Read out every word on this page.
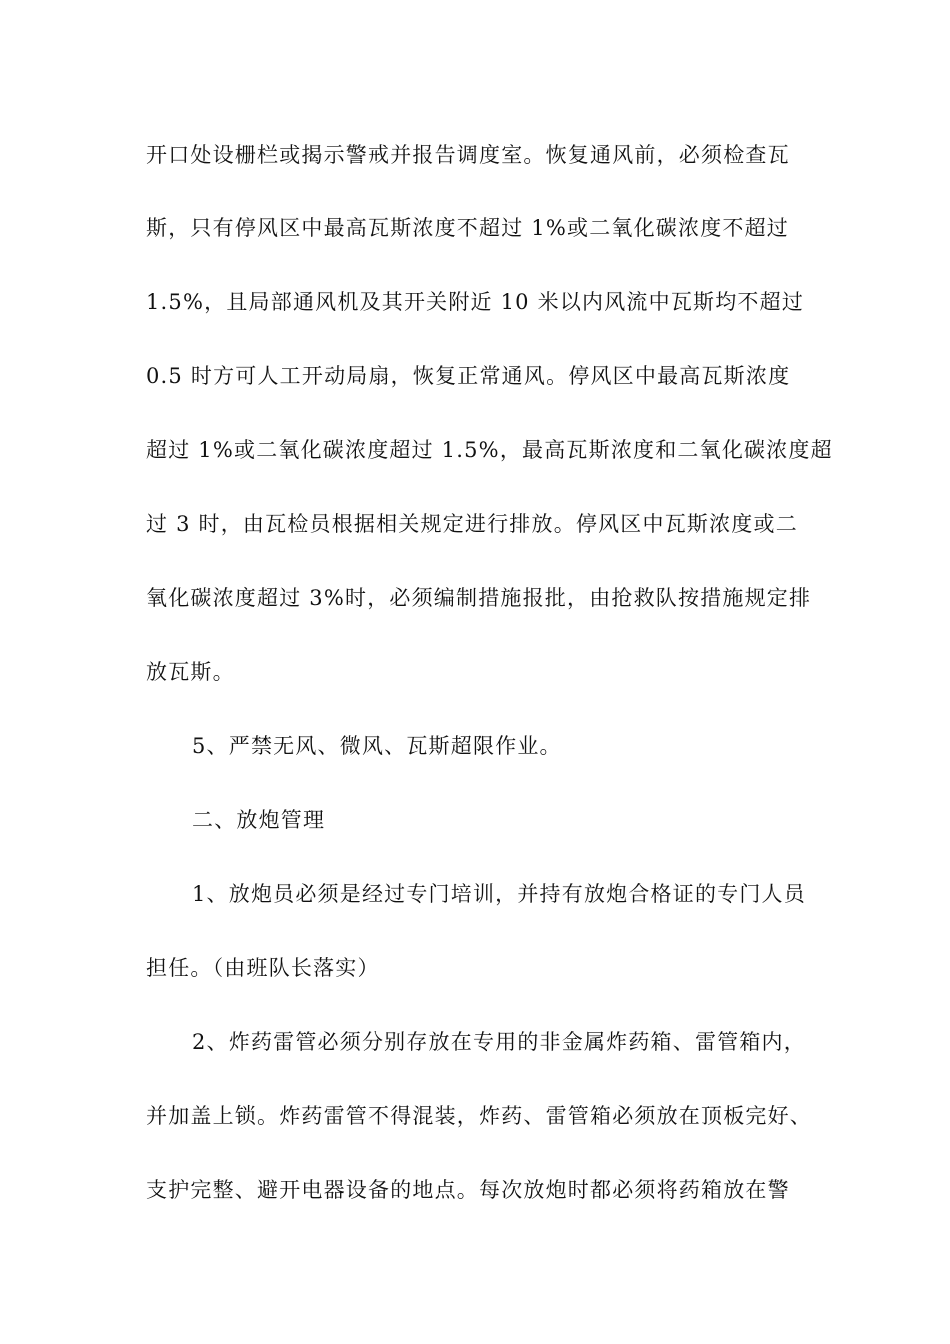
开口处设栅栏或揭示警戒并报告调度室。恢复通风前，必须检查瓦
斯，只有停风区中最高瓦斯浓度不超过 1%或二氧化碳浓度不超过
1.5%，且局部通风机及其开关附近 10 米以内风流中瓦斯均不超过
0.5 时方可人工开动局扇，恢复正常通风。停风区中最高瓦斯浓度
超过 1%或二氧化碳浓度超过 1.5%，最高瓦斯浓度和二氧化碳浓度超
过 3 时，由瓦检员根据相关规定进行排放。停风区中瓦斯浓度或二
氧化碳浓度超过 3%时，必须编制措施报批，由抢救队按措施规定排
放瓦斯。
5、严禁无风、微风、瓦斯超限作业。
二、放炮管理
1、放炮员必须是经过专门培训，并持有放炮合格证的专门人员
担任。（由班队长落实）
2、炸药雷管必须分别存放在专用的非金属炸药箱、雷管箱内，
并加盖上锁。炸药雷管不得混装，炸药、雷管箱必须放在顶板完好、
支护完整、避开电器设备的地点。每次放炮时都必须将药箱放在警
